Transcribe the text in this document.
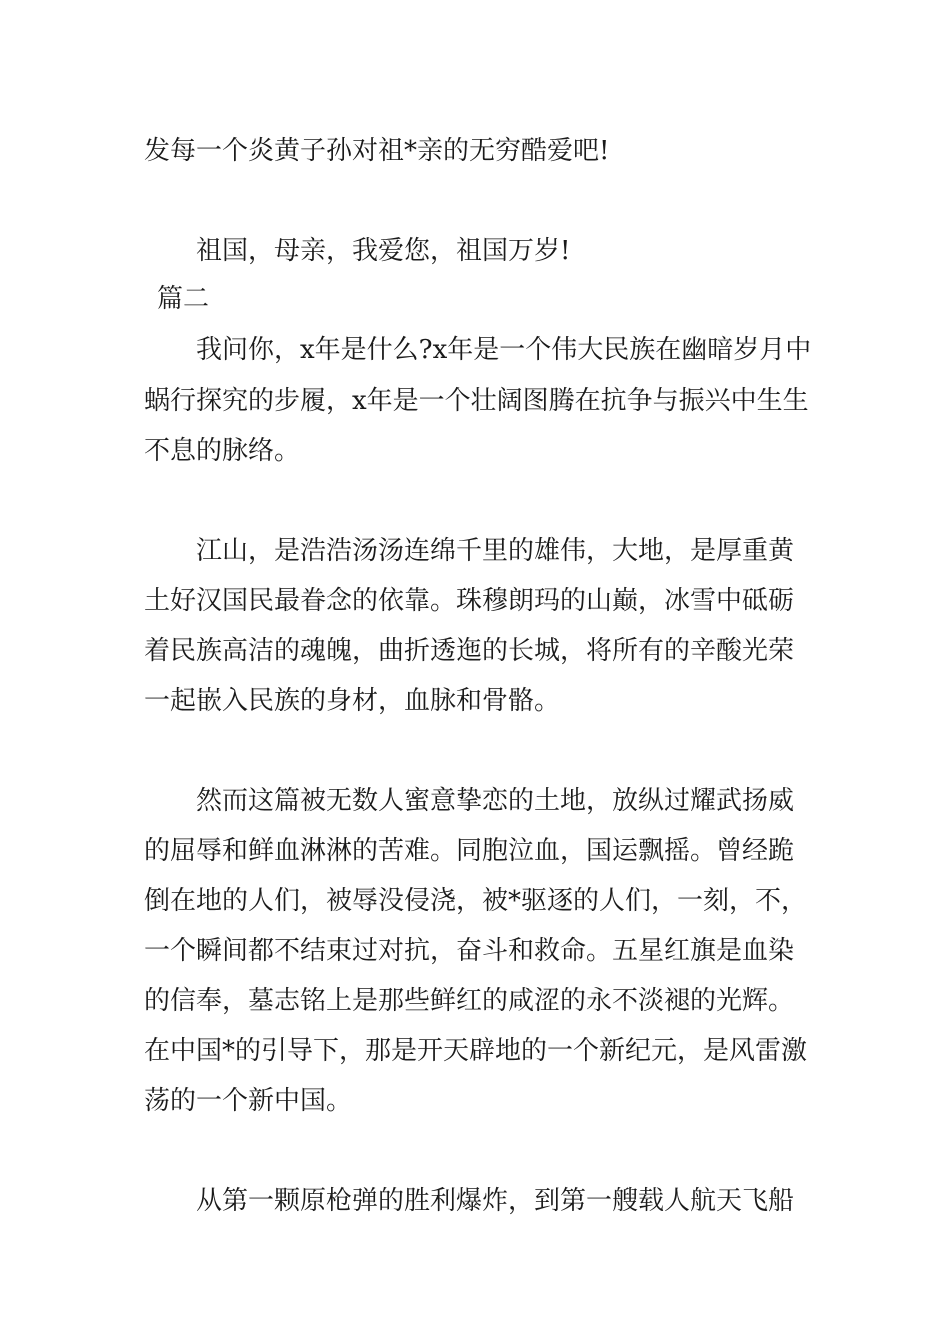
发每一个炎黄子孙对祖*亲的无穷酷爱吧!
祖国，母亲，我爱您，祖国万岁!
篇二
我问你，x年是什么?x年是一个伟大民族在幽暗岁月中
蜗行探究的步履，x年是一个壮阔图腾在抗争与振兴中生生
不息的脉络。
江山，是浩浩汤汤连绵千里的雄伟，大地，是厚重黄
土好汉国民最眷念的依靠。珠穆朗玛的山巅，冰雪中砥砺
着民族高洁的魂魄，曲折透迤的长城，将所有的辛酸光荣
一起嵌入民族的身材，血脉和骨骼。
然而这篇被无数人蜜意挚恋的土地，放纵过耀武扬威
的屈辱和鲜血淋淋的苦难。同胞泣血，国运飘摇。曾经跪
倒在地的人们，被辱没侵浇，被*驱逐的人们，一刻，不，
一个瞬间都不结束过对抗，奋斗和救命。五星红旗是血染
的信奉，墓志铭上是那些鲜红的咸涩的永不淡褪的光辉。
在中国*的引导下，那是开天辟地的一个新纪元，是风雷激
荡的一个新中国。
从第一颗原枪弹的胜利爆炸，到第一艘载人航天飞船
